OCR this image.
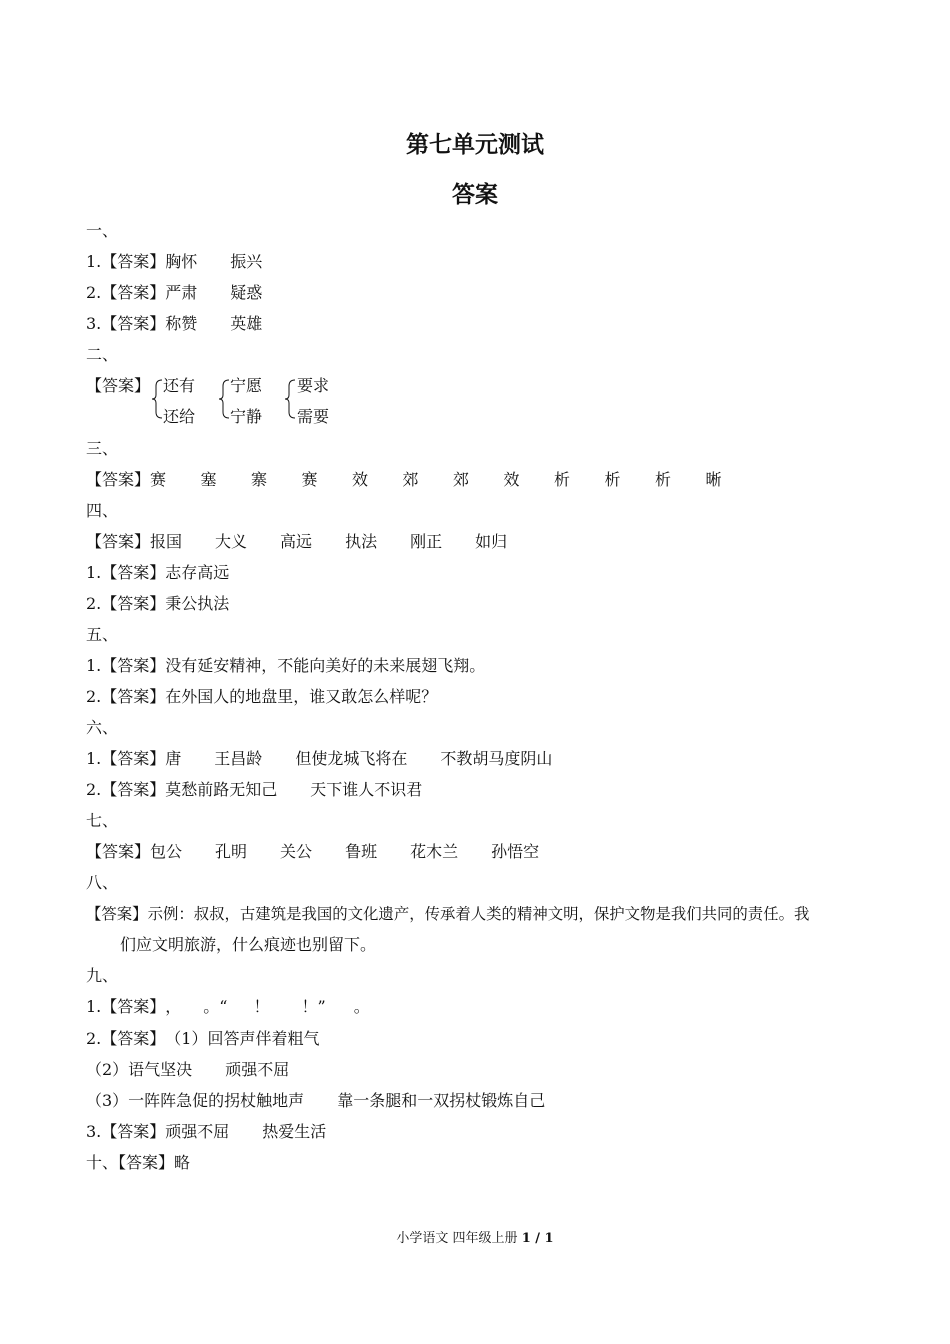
第七单元测试
答案
一、
1.【答案】胸怀 振兴
2.【答案】严肃 疑惑
3.【答案】称赞 英雄
二、
【答案】 还有
还给
宁愿
宁静
要求
需要
三、
【答案】赛 塞 寨 赛 效 郊 郊 效 析 析 析 晰
四、
【答案】报国 大义 高远 执法 刚正 如归
1.【答案】志存高远
2.【答案】秉公执法
五、
1.【答案】没有延安精神，不能向美好的未来展翅飞翔。
2.【答案】在外国人的地盘里，谁又敢怎么样呢？
六、
1.【答案】唐 王昌龄 但使龙城飞将在 不教胡马度阴山
2.【答案】莫愁前路无知己 天下谁人不识君
七、
【答案】包公 孔明 关公 鲁班 花木兰 孙悟空
八、
【答案】示例：叔叔，古建筑是我国的文化遗产，传承着人类的精神文明，保护文物是我们共同的责任。我
们应文明旅游，什么痕迹也别留下。
九、
1.【答案】， 。“ ！ ！” 。
2.【答案】（1）回答声伴着粗气
（2）语气坚决 顽强不屈
（3）一阵阵急促的拐杖触地声 靠一条腿和一双拐杖锻炼自己
3.【答案】顽强不屈 热爱生活
十、【答案】略
小学语文 四年级上册 1 / 1
